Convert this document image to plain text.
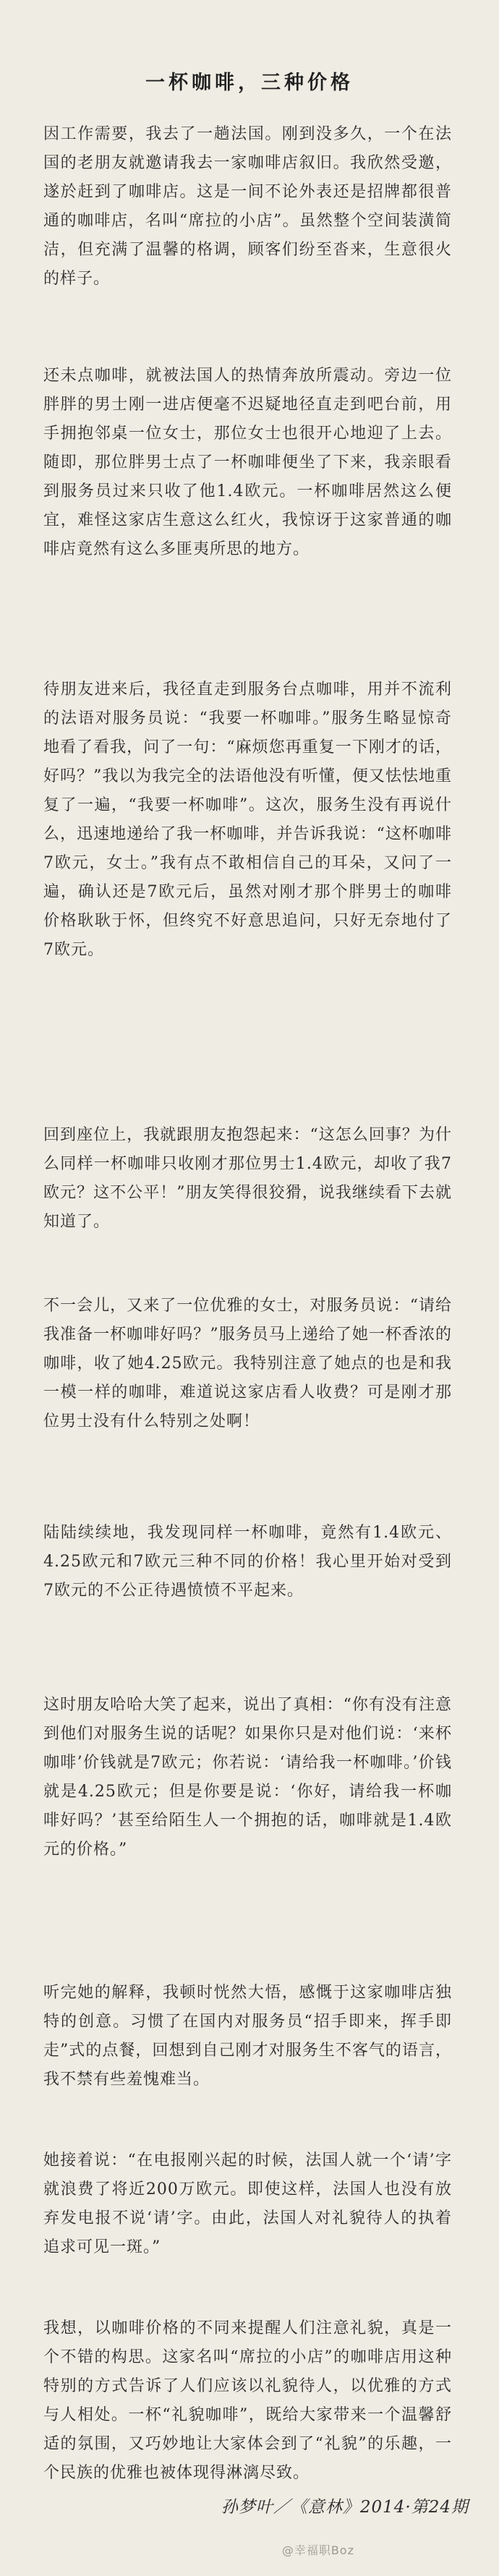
一杯咖啡，三种价格

因工作需要，我去了一趟法国。刚到没多久，一个在法国的老朋友就邀请我去一家咖啡店叙旧。我欣然受邀，遂於赶到了咖啡店。这是一间不论外表还是招牌都很普通的咖啡店，名叫“席拉的小店”。虽然整个空间装潢简洁，但充满了温馨的格调，顾客们纷至沓来，生意很火的样子。

还未点咖啡，就被法国人的热情奔放所震动。旁边一位胖胖的男士刚一进店便毫不迟疑地径直走到吧台前，用手拥抱邻桌一位女士，那位女士也很开心地迎了上去。随即，那位胖男士点了一杯咖啡便坐了下来，我亲眼看到服务员过来只收了他1.4欧元。一杯咖啡居然这么便宜，难怪这家店生意这么红火，我惊讶于这家普通的咖啡店竟然有这么多匪夷所思的地方。

待朋友进来后，我径直走到服务台点咖啡，用并不流利的法语对服务员说：“我要一杯咖啡。”服务生略显惊奇地看了看我，问了一句：“麻烦您再重复一下刚才的话，好吗？”我以为我完全的法语他没有听懂，便又怯怯地重复了一遍，“我要一杯咖啡”。这次，服务生没有再说什么，迅速地递给了我一杯咖啡，并告诉我说：“这杯咖啡7欧元，女士。”我有点不敢相信自己的耳朵，又问了一遍，确认还是7欧元后，虽然对刚才那个胖男士的咖啡价格耿耿于怀，但终究不好意思追问，只好无奈地付了7欧元。

回到座位上，我就跟朋友抱怨起来：“这怎么回事？为什么同样一杯咖啡只收刚才那位男士1.4欧元，却收了我7欧元？这不公平！”朋友笑得很狡猾，说我继续看下去就知道了。

不一会儿，又来了一位优雅的女士，对服务员说：“请给我准备一杯咖啡好吗？”服务员马上递给了她一杯香浓的咖啡，收了她4.25欧元。我特别注意了她点的也是和我一模一样的咖啡，难道说这家店看人收费？可是刚才那位男士没有什么特别之处啊！

陆陆续续地，我发现同样一杯咖啡，竟然有1.4欧元、4.25欧元和7欧元三种不同的价格！我心里开始对受到7欧元的不公正待遇愤愤不平起来。

这时朋友哈哈大笑了起来，说出了真相：“你有没有注意到他们对服务生说的话呢？如果你只是对他们说：‘来杯咖啡’价钱就是7欧元；你若说：‘请给我一杯咖啡。’价钱就是4.25欧元；但是你要是说：‘你好，请给我一杯咖啡好吗？’甚至给陌生人一个拥抱的话，咖啡就是1.4欧元的价格。”

听完她的解释，我顿时恍然大悟，感慨于这家咖啡店独特的创意。习惯了在国内对服务员“招手即来，挥手即走”式的点餐，回想到自己刚才对服务生不客气的语言，我不禁有些羞愧难当。

她接着说：“在电报刚兴起的时候，法国人就一个‘请’字就浪费了将近200万欧元。即使这样，法国人也没有放弃发电报不说‘请’字。由此，法国人对礼貌待人的执着追求可见一斑。”

我想，以咖啡价格的不同来提醒人们注意礼貌，真是一个不错的构思。这家名叫“席拉的小店”的咖啡店用这种特别的方式告诉了人们应该以礼貌待人，以优雅的方式与人相处。一杯“礼貌咖啡”，既给大家带来一个温馨舒适的氛围，又巧妙地让大家体会到了“礼貌”的乐趣，一个民族的优雅也被体现得淋漓尽致。

孙梦叶／《意林》2014·第24期
@幸福职Boz
